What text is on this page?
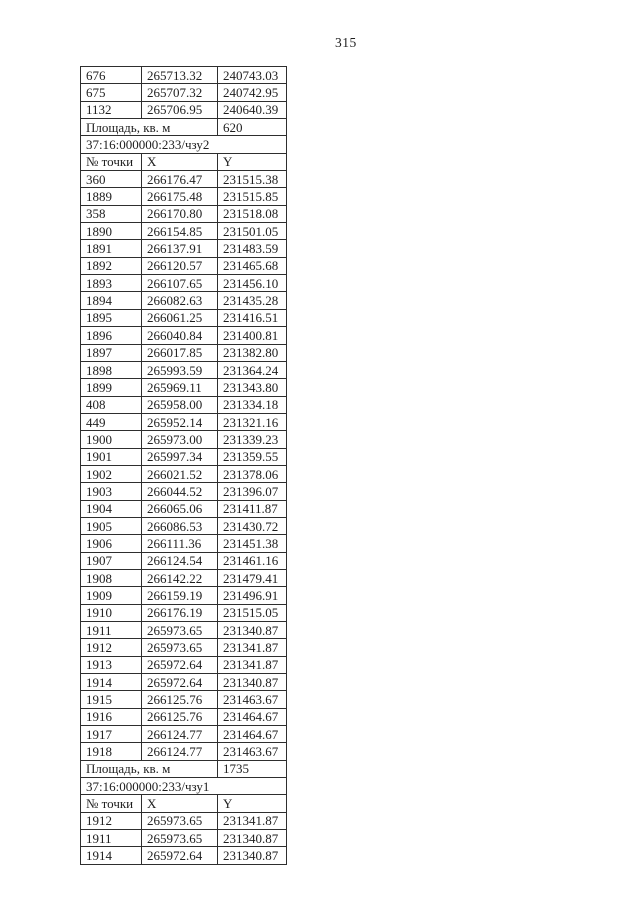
315
676	265713.32	240743.03
675	265707.32	240742.95
1132	265706.95	240640.39
Площадь, кв. м		620
37:16:000000:233/чзу2		
№ точки	X	Y
360	266176.47	231515.38
1889	266175.48	231515.85
358	266170.80	231518.08
1890	266154.85	231501.05
1891	266137.91	231483.59
1892	266120.57	231465.68
1893	266107.65	231456.10
1894	266082.63	231435.28
1895	266061.25	231416.51
1896	266040.84	231400.81
1897	266017.85	231382.80
1898	265993.59	231364.24
1899	265969.11	231343.80
408	265958.00	231334.18
449	265952.14	231321.16
1900	265973.00	231339.23
1901	265997.34	231359.55
1902	266021.52	231378.06
1903	266044.52	231396.07
1904	266065.06	231411.87
1905	266086.53	231430.72
1906	266111.36	231451.38
1907	266124.54	231461.16
1908	266142.22	231479.41
1909	266159.19	231496.91
1910	266176.19	231515.05
1911	265973.65	231340.87
1912	265973.65	231341.87
1913	265972.64	231341.87
1914	265972.64	231340.87
1915	266125.76	231463.67
1916	266125.76	231464.67
1917	266124.77	231464.67
1918	266124.77	231463.67
Площадь, кв. м		1735
37:16:000000:233/чзу1		
№ точки	X	Y
1912	265973.65	231341.87
1911	265973.65	231340.87
1914	265972.64	231340.87
